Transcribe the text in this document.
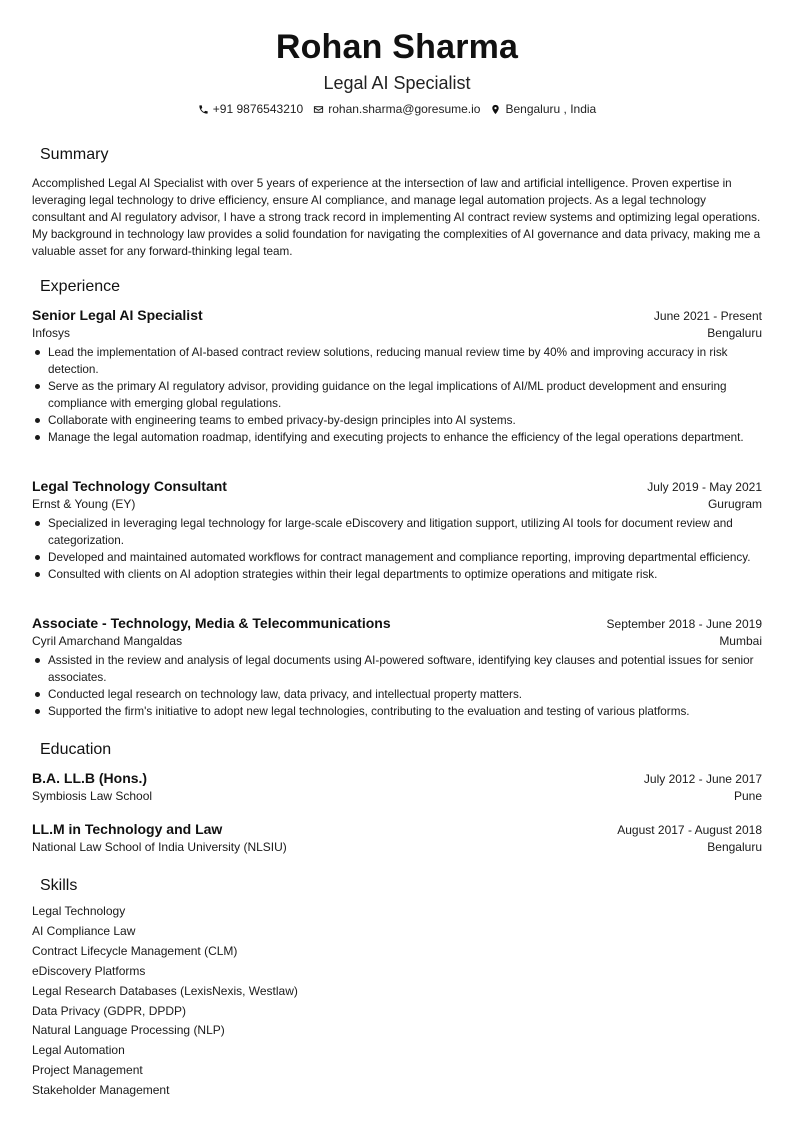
Rohan Sharma
Legal AI Specialist
+91 9876543210 rohan.sharma@goresume.io Bengaluru , India
Summary
Accomplished Legal AI Specialist with over 5 years of experience at the intersection of law and artificial intelligence. Proven expertise in leveraging legal technology to drive efficiency, ensure AI compliance, and manage legal automation projects. As a legal technology consultant and AI regulatory advisor, I have a strong track record in implementing AI contract review systems and optimizing legal operations. My background in technology law provides a solid foundation for navigating the complexities of AI governance and data privacy, making me a valuable asset for any forward-thinking legal team.
Experience
Senior Legal AI Specialist	June 2021 - Present
Infosys	Bengaluru
Lead the implementation of AI-based contract review solutions, reducing manual review time by 40% and improving accuracy in risk detection.
Serve as the primary AI regulatory advisor, providing guidance on the legal implications of AI/ML product development and ensuring compliance with emerging global regulations.
Collaborate with engineering teams to embed privacy-by-design principles into AI systems.
Manage the legal automation roadmap, identifying and executing projects to enhance the efficiency of the legal operations department.
Legal Technology Consultant	July 2019 - May 2021
Ernst & Young (EY)	Gurugram
Specialized in leveraging legal technology for large-scale eDiscovery and litigation support, utilizing AI tools for document review and categorization.
Developed and maintained automated workflows for contract management and compliance reporting, improving departmental efficiency.
Consulted with clients on AI adoption strategies within their legal departments to optimize operations and mitigate risk.
Associate - Technology, Media & Telecommunications	September 2018 - June 2019
Cyril Amarchand Mangaldas	Mumbai
Assisted in the review and analysis of legal documents using AI-powered software, identifying key clauses and potential issues for senior associates.
Conducted legal research on technology law, data privacy, and intellectual property matters.
Supported the firm's initiative to adopt new legal technologies, contributing to the evaluation and testing of various platforms.
Education
B.A. LL.B (Hons.)	July 2012 - June 2017
Symbiosis Law School	Pune
LL.M in Technology and Law	August 2017 - August 2018
National Law School of India University (NLSIU)	Bengaluru
Skills
Legal Technology
AI Compliance Law
Contract Lifecycle Management (CLM)
eDiscovery Platforms
Legal Research Databases (LexisNexis, Westlaw)
Data Privacy (GDPR, DPDP)
Natural Language Processing (NLP)
Legal Automation
Project Management
Stakeholder Management
